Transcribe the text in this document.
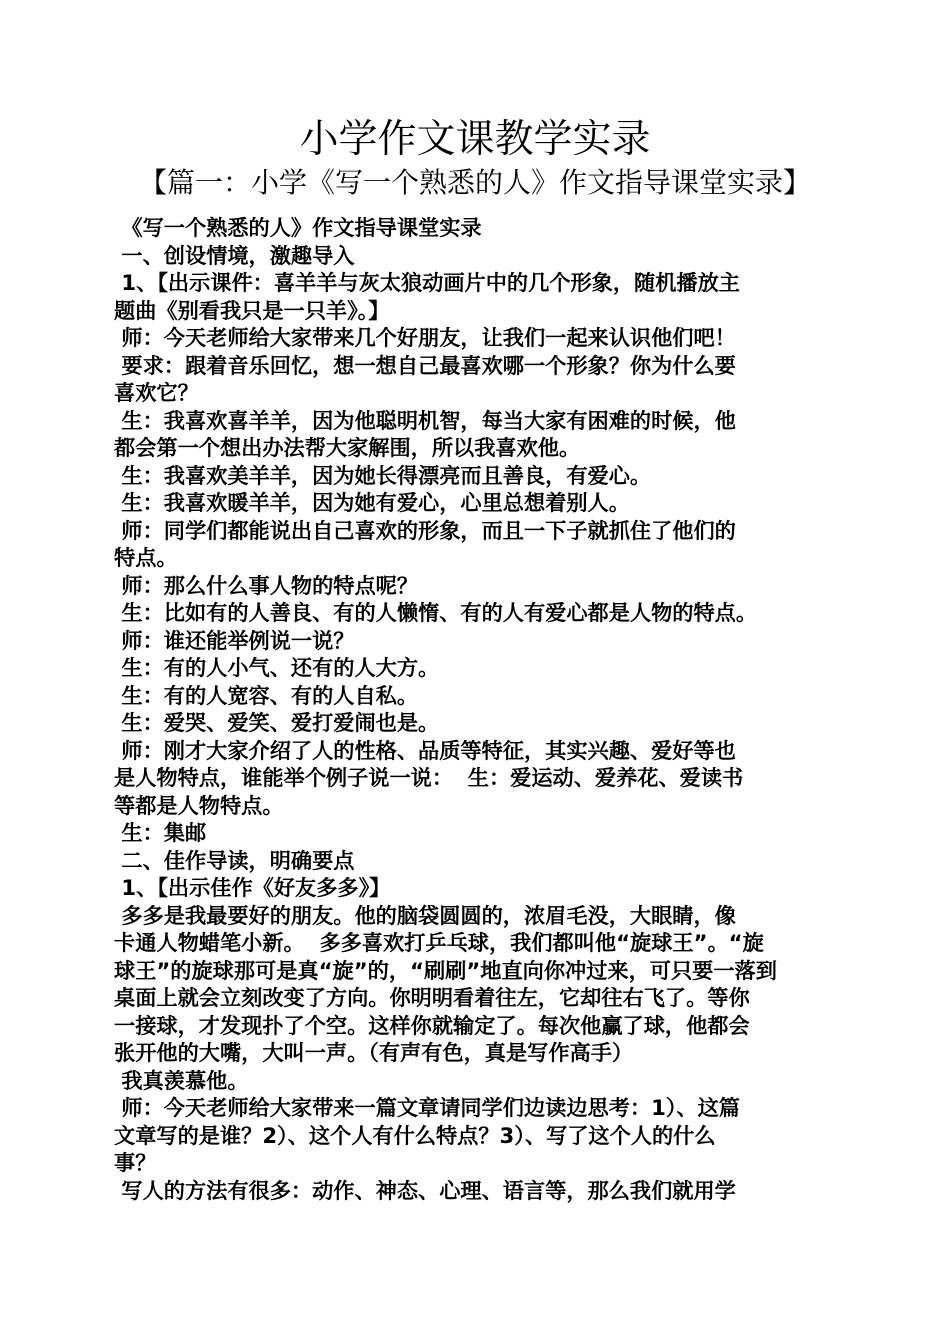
小学作文课教学实录
【篇一：小学《写一个熟悉的人》作文指导课堂实录】
《写一个熟悉的人》作文指导课堂实录
一、创设情境，激趣导入
1、【出示课件：喜羊羊与灰太狼动画片中的几个形象，随机播放主
题曲《别看我只是一只羊》。】
师：今天老师给大家带来几个好朋友，让我们一起来认识他们吧！
要求：跟着音乐回忆，想一想自己最喜欢哪一个形象？你为什么要
喜欢它？
生：我喜欢喜羊羊，因为他聪明机智，每当大家有困难的时候，他
都会第一个想出办法帮大家解围，所以我喜欢他。
生：我喜欢美羊羊，因为她长得漂亮而且善良，有爱心。
生：我喜欢暖羊羊，因为她有爱心，心里总想着别人。
师：同学们都能说出自己喜欢的形象，而且一下子就抓住了他们的
特点。
师：那么什么事人物的特点呢？
生：比如有的人善良、有的人懒惰、有的人有爱心都是人物的特点。
师：谁还能举例说一说？
生：有的人小气、还有的人大方。
生：有的人宽容、有的人自私。
生：爱哭、爱笑、爱打爱闹也是。
师：刚才大家介绍了人的性格、品质等特征，其实兴趣、爱好等也
是人物特点，谁能举个例子说一说：  生：爱运动、爱养花、爱读书
等都是人物特点。
生：集邮
二、佳作导读，明确要点
1、【出示佳作《好友多多》】
多多是我最要好的朋友。他的脑袋圆圆的，浓眉毛没，大眼睛，像
卡通人物蜡笔小新。  多多喜欢打乒乓球，我们都叫他“旋球王”。“旋
球王”的旋球那可是真“旋”的，“刷刷”地直向你冲过来，可只要一落到
桌面上就会立刻改变了方向。你明明看着往左，它却往右飞了。等你
一接球，才发现扑了个空。这样你就输定了。每次他赢了球，他都会
张开他的大嘴，大叫一声。（有声有色，真是写作高手）
我真羡慕他。
师：今天老师给大家带来一篇文章请同学们边读边思考：1）、这篇
文章写的是谁？2）、这个人有什么特点？3）、写了这个人的什么
事？
写人的方法有很多：动作、神态、心理、语言等，那么我们就用学
